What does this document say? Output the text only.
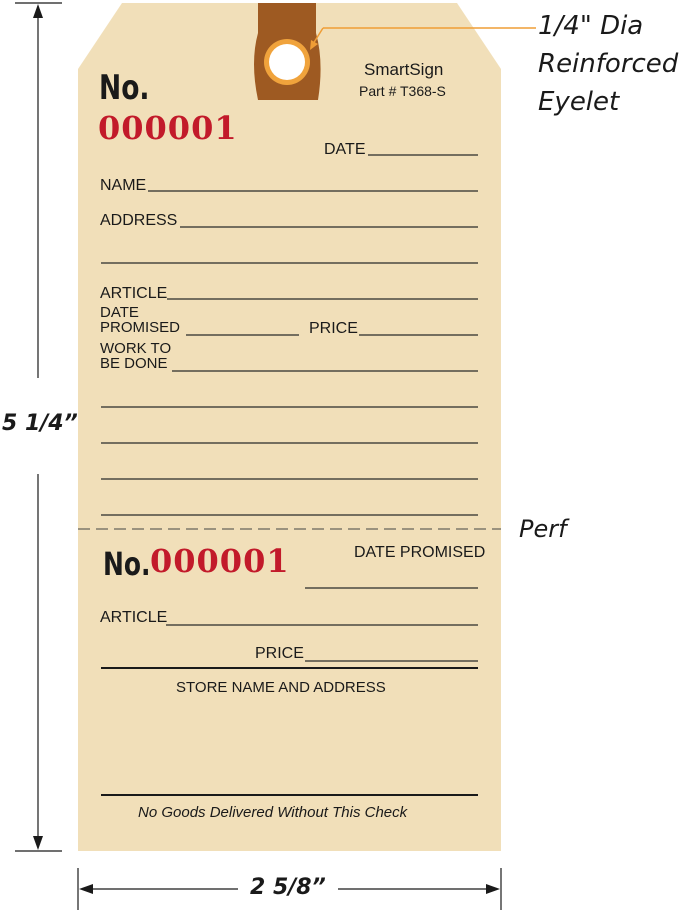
1/4" Dia
Reinforced
Eyelet
5 1/4”
2 5/8”
Perf
SmartSign
Part # T368-S
No.
000001
DATE
NAME
ADDRESS
ARTICLE
DATE
PROMISED	PRICE
WORK TO
BE DONE
No. 000001	DATE PROMISED
ARTICLE
PRICE
STORE NAME AND ADDRESS
No Goods Delivered Without This Check
